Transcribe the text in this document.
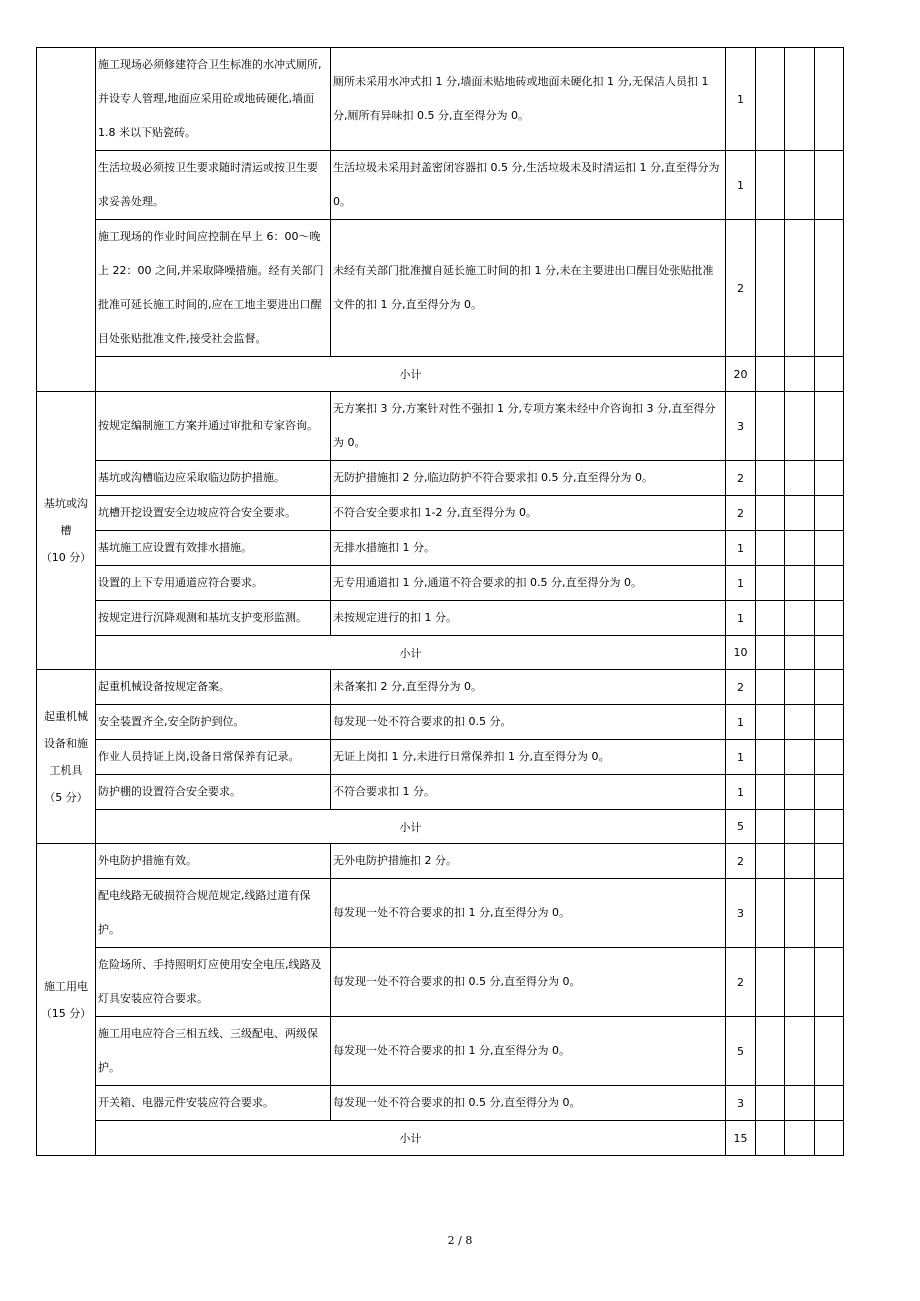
	施工现场必须修建符合卫生标准的水冲式厕所,并设专人管理,地面应采用砼或地砖硬化,墙面1.8 米以下贴瓷砖。	厕所未采用水冲式扣 1 分,墙面未贴地砖或地面未硬化扣 1 分,无保洁人员扣 1 分,厕所有异味扣 0.5 分,直至得分为 0。	1			
	生活垃圾必须按卫生要求随时清运或按卫生要求妥善处理。	生活垃圾未采用封盖密闭容器扣 0.5 分,生活垃圾未及时清运扣 1 分,直至得分为 0。	1			
	施工现场的作业时间应控制在早上 6：00～晚上 22：00 之间,并采取降噪措施。经有关部门批准可延长施工时间的,应在工地主要进出口醒目处张贴批准文件,接受社会监督。	未经有关部门批准擅自延长施工时间的扣 1 分,未在主要进出口醒目处张贴批准文件的扣 1 分,直至得分为 0。	2			
	小计		20			

基坑或沟槽
（10 分）	按规定编制施工方案并通过审批和专家咨询。	无方案扣 3 分,方案针对性不强扣 1 分,专项方案未经中介咨询扣 3 分,直至得分为 0。	3			
	基坑或沟槽临边应采取临边防护措施。	无防护措施扣 2 分,临边防护不符合要求扣 0.5 分,直至得分为 0。	2			
	坑槽开挖设置安全边坡应符合安全要求。	不符合安全要求扣 1-2 分,直至得分为 0。	2			
	基坑施工应设置有效排水措施。	无排水措施扣 1 分。	1			
	设置的上下专用通道应符合要求。	无专用通道扣 1 分,通道不符合要求的扣 0.5 分,直至得分为 0。	1			
	按规定进行沉降观测和基坑支护变形监测。	未按规定进行的扣 1 分。	1			
	小计		10			

起重机械设备和施工机具
（5 分）	起重机械设备按规定备案。	未备案扣 2 分,直至得分为 0。	2			
	安全装置齐全,安全防护到位。	每发现一处不符合要求的扣 0.5 分。	1			
	作业人员持证上岗,设备日常保养有记录。	无证上岗扣 1 分,未进行日常保养扣 1 分,直至得分为 0。	1			
	防护棚的设置符合安全要求。	不符合要求扣 1 分。	1			
	小计		5			

施工用电
（15 分）	外电防护措施有效。	无外电防护措施扣 2 分。	2			
	配电线路无破损符合规范规定,线路过道有保护。	每发现一处不符合要求的扣 1 分,直至得分为 0。	3			
	危险场所、手持照明灯应使用安全电压,线路及灯具安装应符合要求。	每发现一处不符合要求的扣 0.5 分,直至得分为 0。	2			
	施工用电应符合三相五线、三级配电、两级保护。	每发现一处不符合要求的扣 1 分,直至得分为 0。	5			
	开关箱、电器元件安装应符合要求。	每发现一处不符合要求的扣 0.5 分,直至得分为 0。	3			
	小计		15			
2 / 8
